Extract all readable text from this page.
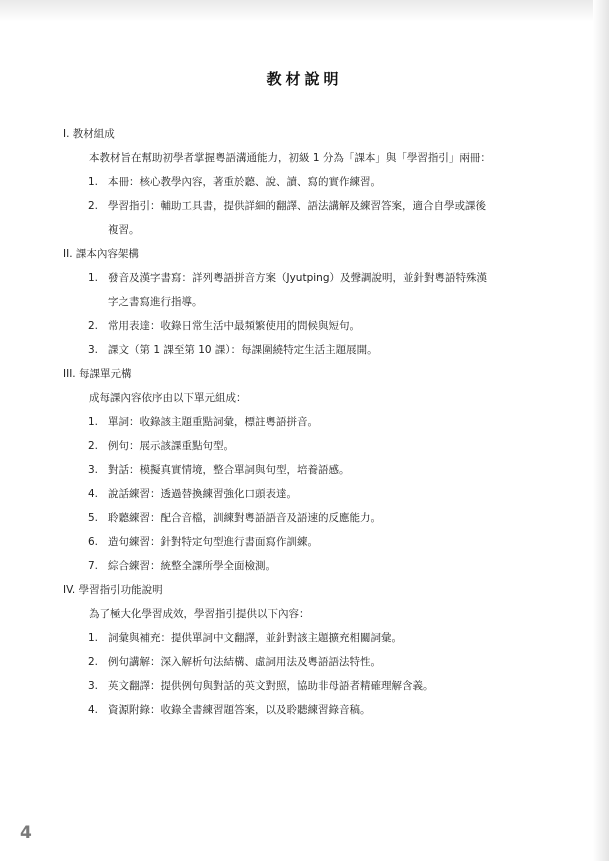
教材說明
I. 教材組成
本教材旨在幫助初學者掌握粵語溝通能力，初級 1 分為「課本」與「學習指引」兩冊：
1. 本冊：核心教學內容，著重於聽、說、讀、寫的實作練習。
2. 學習指引：輔助工具書，提供詳細的翻譯、語法講解及練習答案，適合自學或課後
複習。
II. 課本內容架構
1. 發音及漢字書寫：詳列粵語拼音方案（Jyutping）及聲調說明，並針對粵語特殊漢
字之書寫進行指導。
2. 常用表達：收錄日常生活中最頻繁使用的問候與短句。
3. 課文（第 1 課至第 10 課）：每課圍繞特定生活主題展開。
III. 每課單元構
成每課內容依序由以下單元組成：
1. 單詞：收錄該主題重點詞彙，標註粵語拼音。
2. 例句：展示該課重點句型。
3. 對話：模擬真實情境，整合單詞與句型，培養語感。
4. 說話練習：透過替換練習強化口頭表達。
5. 聆聽練習：配合音檔，訓練對粵語語音及語速的反應能力。
6. 造句練習：針對特定句型進行書面寫作訓練。
7. 綜合練習：統整全課所學全面檢測。
IV. 學習指引功能說明
為了極大化學習成效，學習指引提供以下內容：
1. 詞彙與補充：提供單詞中文翻譯，並針對該主題擴充相關詞彙。
2. 例句講解：深入解析句法結構、虛詞用法及粵語語法特性。
3. 英文翻譯：提供例句與對話的英文對照，協助非母語者精確理解含義。
4. 資源附錄：收錄全書練習題答案，以及聆聽練習錄音稿。
4
